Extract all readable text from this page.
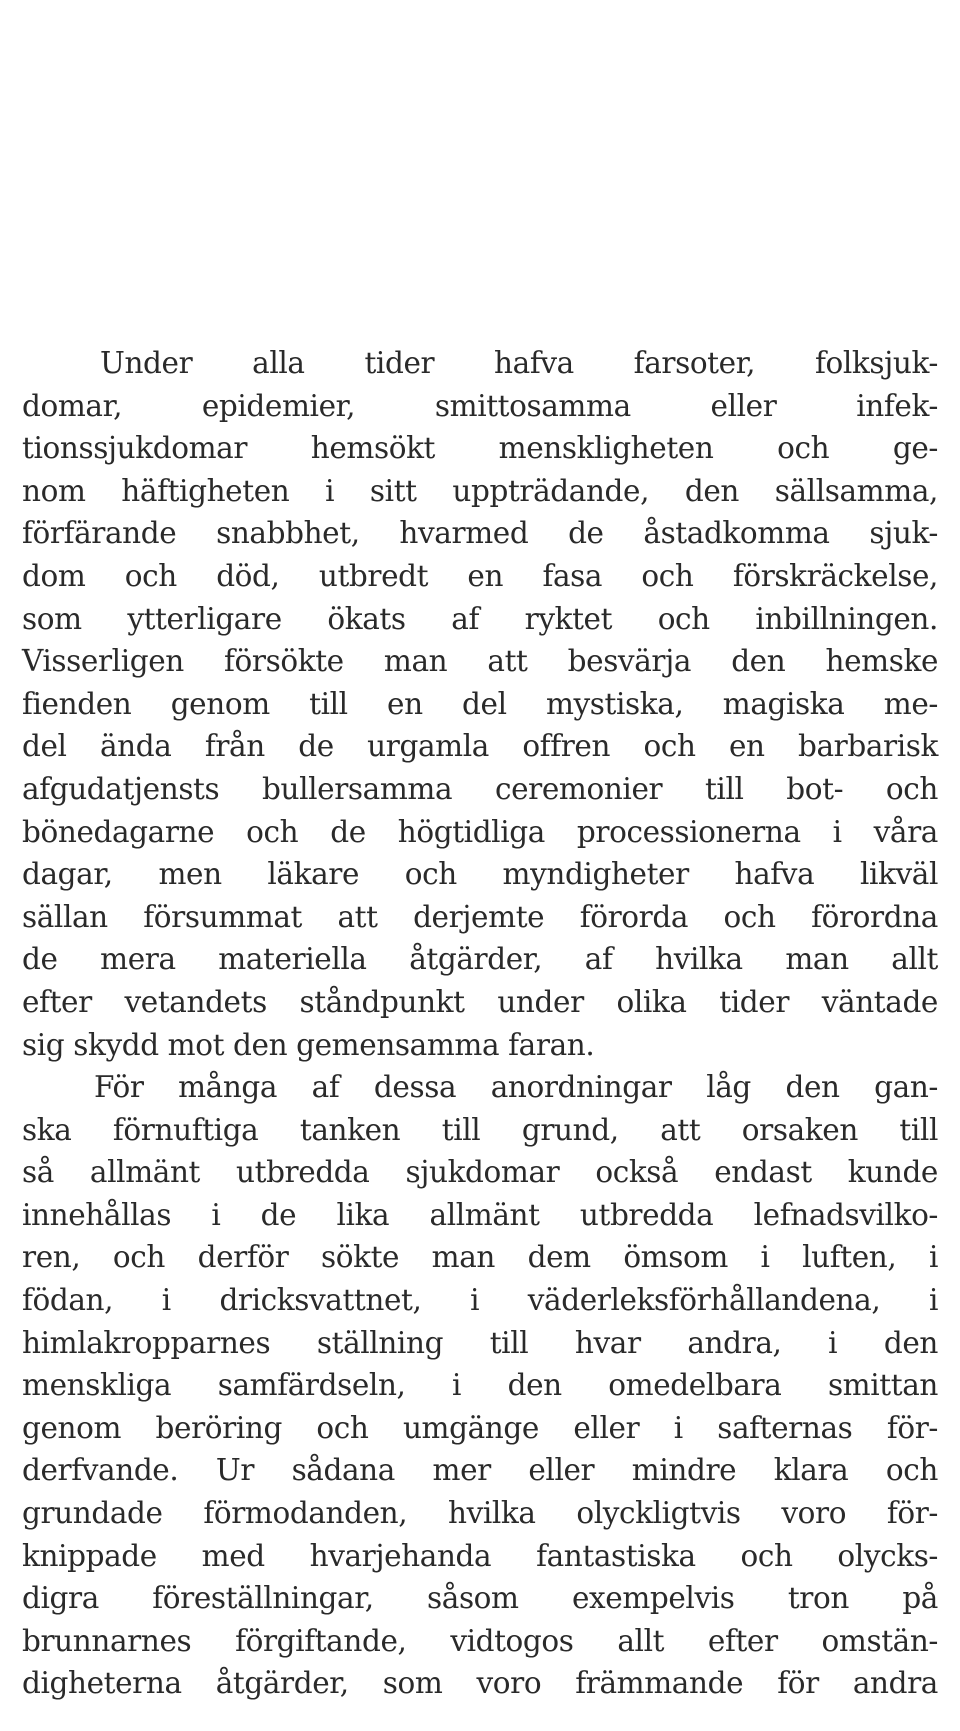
Under alla tider hafva farsoter, folksjuk-
domar, epidemier, smittosamma eller infek-
tionssjukdomar hemsökt menskligheten och ge-
nom häftigheten i sitt uppträdande, den sällsamma,
förfärande snabbhet, hvarmed de åstadkomma sjuk-
dom och död, utbredt en fasa och förskräckelse,
som ytterligare ökats af ryktet och inbillningen.
Visserligen försökte man att besvärja den hemske
fienden genom till en del mystiska, magiska me-
del ända från de urgamla offren och en barbarisk
afgudatjensts bullersamma ceremonier till bot- och
bönedagarne och de högtidliga processionerna i våra
dagar, men läkare och myndigheter hafva likväl
sällan försummat att derjemte förorda och förordna
de mera materiella åtgärder, af hvilka man allt
efter vetandets ståndpunkt under olika tider väntade
sig skydd mot den gemensamma faran.
För många af dessa anordningar låg den gan-
ska förnuftiga tanken till grund, att orsaken till
så allmänt utbredda sjukdomar också endast kunde
innehållas i de lika allmänt utbredda lefnadsvilko-
ren, och derför sökte man dem ömsom i luften, i
födan, i dricksvattnet, i väderleksförhållandena, i
himlakropparnes ställning till hvar andra, i den
menskliga samfärdseln, i den omedelbara smittan
genom beröring och umgänge eller i safternas för-
derfvande. Ur sådana mer eller mindre klara och
grundade förmodanden, hvilka olyckligtvis voro för-
knippade med hvarjehanda fantastiska och olycks-
digra föreställningar, såsom exempelvis tron på
brunnarnes förgiftande, vidtogos allt efter omstän-
digheterna åtgärder, som voro främmande för andra
